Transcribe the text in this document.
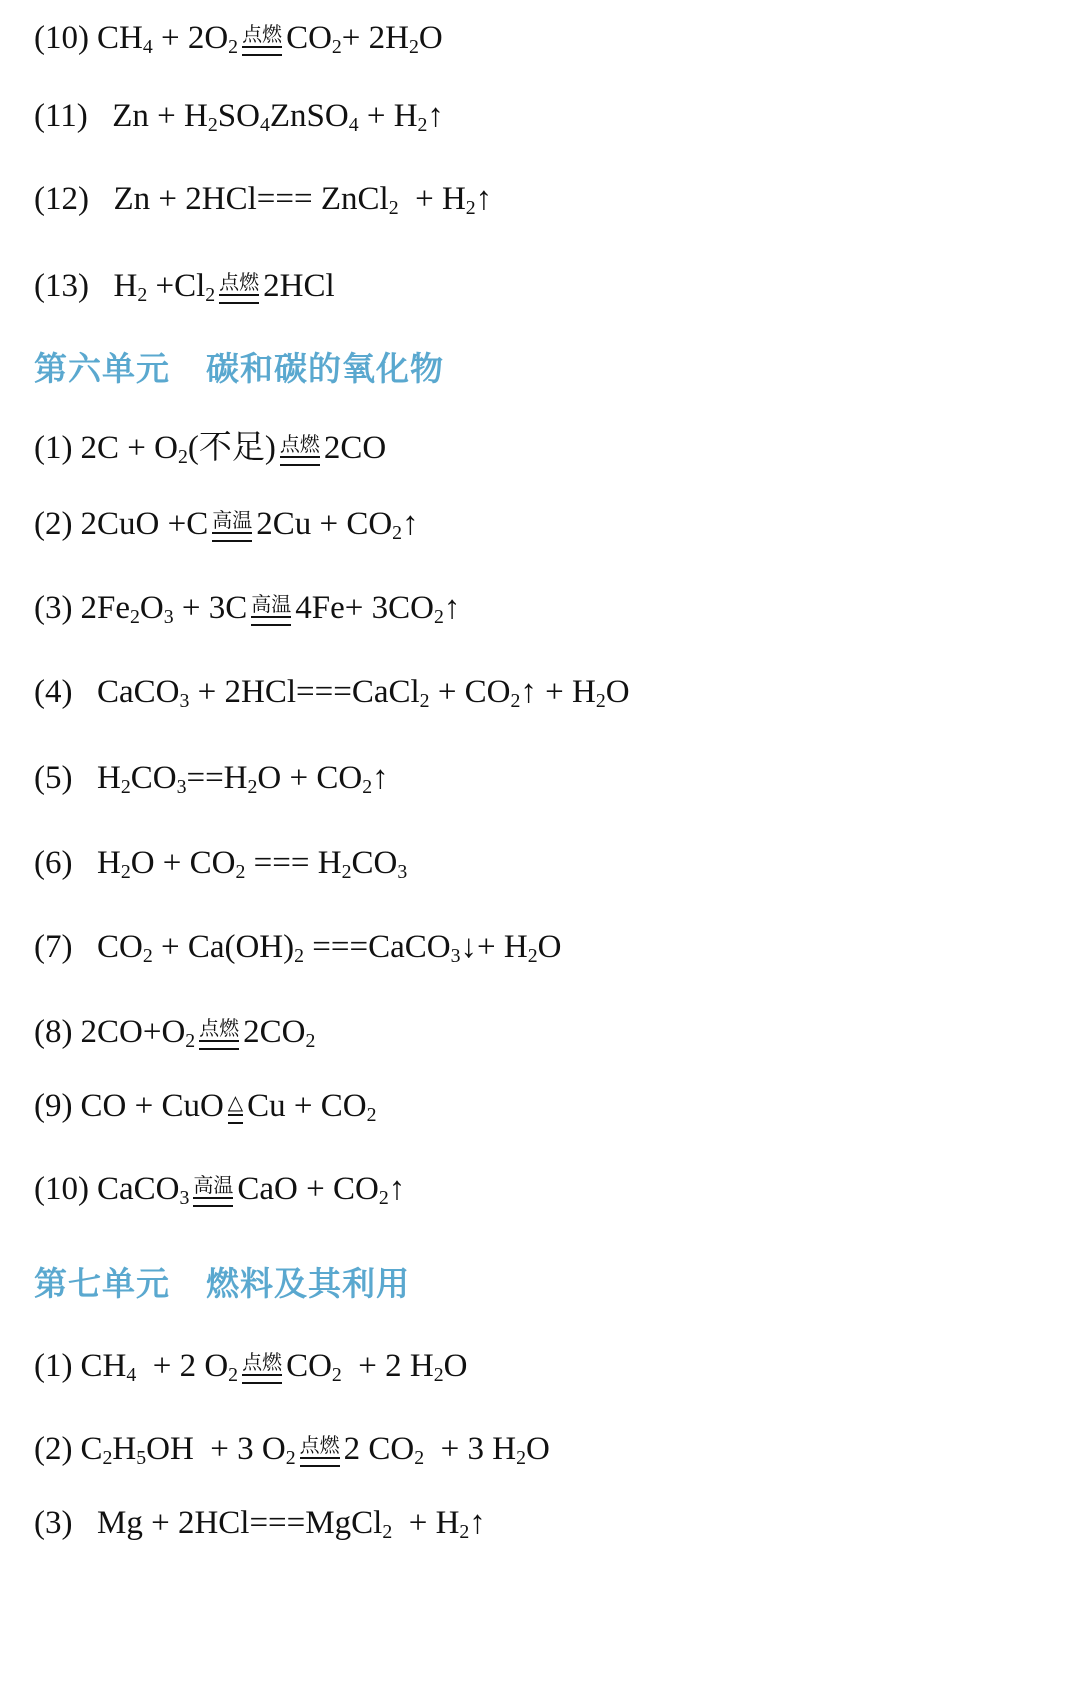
(10) $CH_4 + 2O_2$
点燃 $CO_2+ 2H_2O$
(11)  $Zn + H_2SO_4ZnSO_4$ + $H_2↑$
(12)  Zn + 2HCl=== ZnCl$_2$  + $H_2↑$
(13)  $H_2 +Cl_2$
点燃 2HCl
第六单元 碳和碳的氧化物
(1) $2C + O_2$(不足) 点燃 2CO
(2) 2CuO +C 高温 $2Cu + CO_2↑$
(3) $2Fe_2O_3 + 3C$ 高温 $4Fe+ 3CO_2↑$
(4)  CaCO$_3$ + 2HCl===CaCl$_2$ + $CO_2↑ + H_2O$
(5)  $H_2CO_3==H_2O$ + $CO_2↑$
(6)  $H_2O + CO_2$ === $H_2CO_3$
(7)  $CO_2 + Ca(OH)_2$ ===CaCO$_3$↓+ $H_2O$
(8) $2CO+O_2$
点燃 $2CO_2$
(9) CO + CuO △ $Cu + CO_2$
(10) CaCO$_3$
高温 CaO + $CO_2↑$
第七单元 燃料及其利用
(1) $CH_4 + 2$ $O_2$
点燃 $CO_2 + 2$ $H_2O$
(2) $C_2H_5OH + 3$ $O_2$
点燃 2 $CO_2 + 3$ $H_2O$
(3)  Mg + 2HCl===MgCl$_2$  + $H_2↑$
